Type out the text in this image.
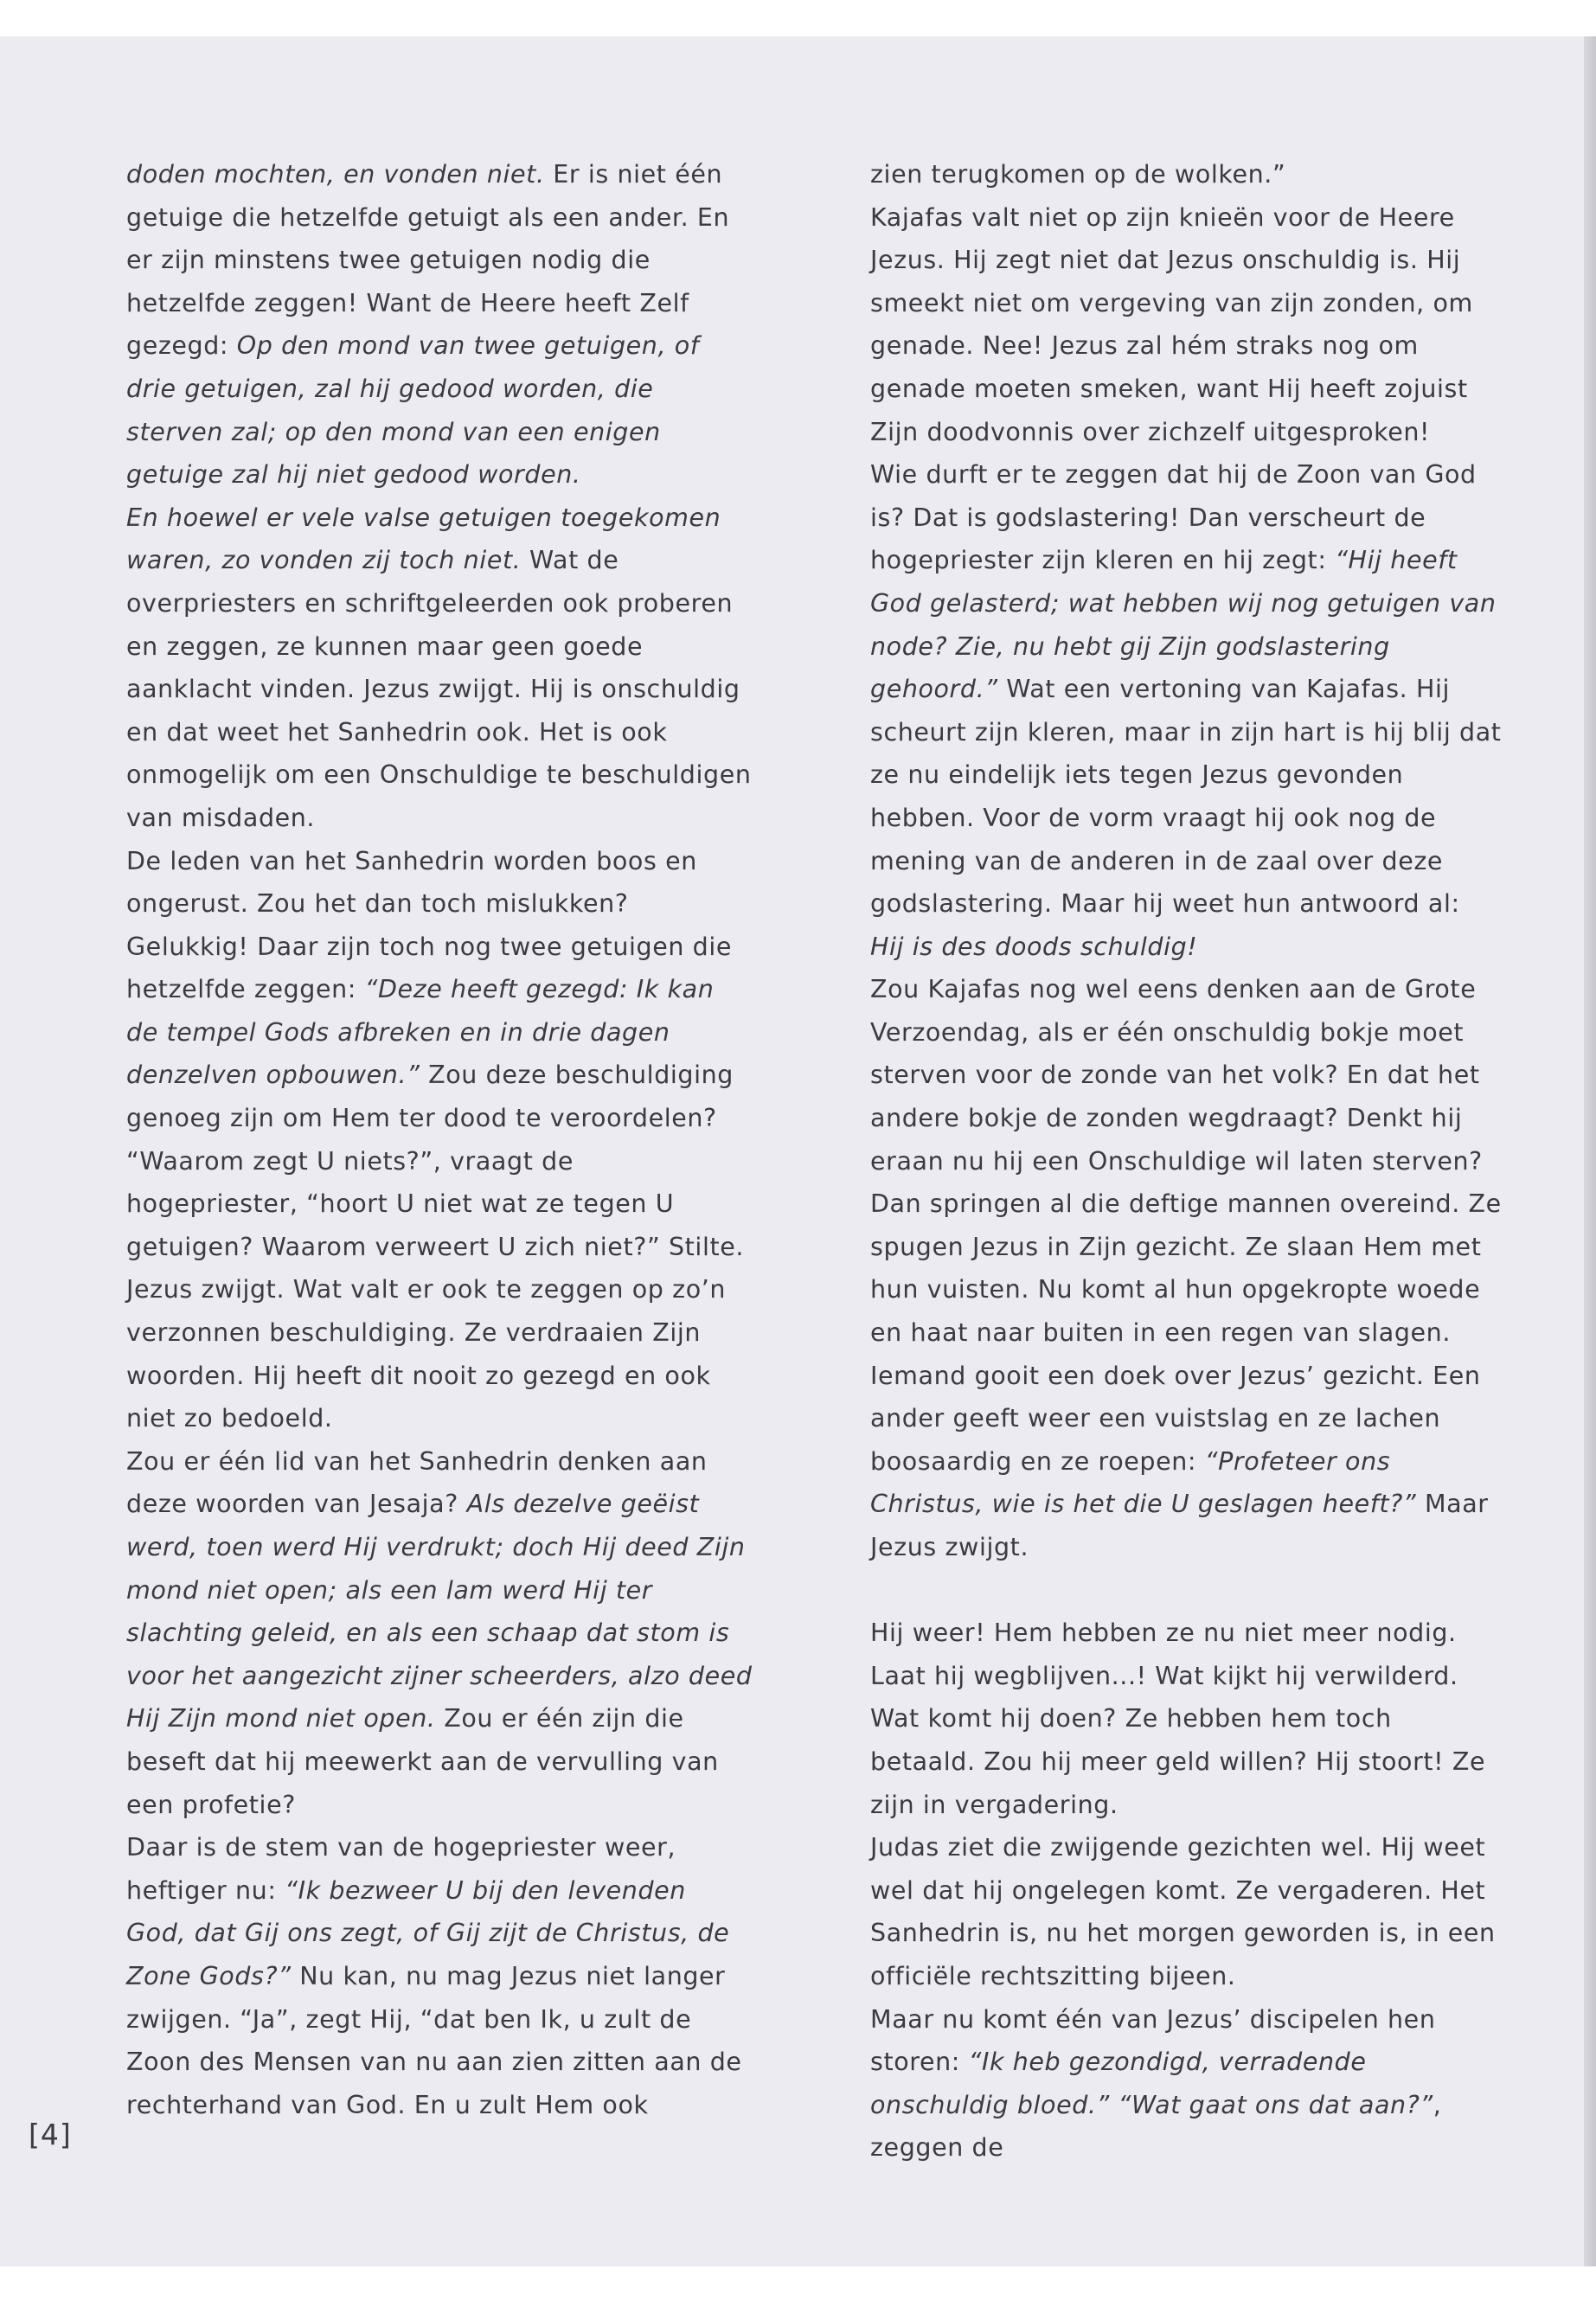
doden mochten, en vonden niet. Er is niet één getuige die hetzelfde getuigt als een ander. En er zijn minstens twee getuigen nodig die hetzelfde zeggen! Want de Heere heeft Zelf gezegd: Op den mond van twee getuigen, of drie getuigen, zal hij gedood worden, die sterven zal; op den mond van een enigen getuige zal hij niet gedood worden.

En hoewel er vele valse getuigen toegekomen waren, zo vonden zij toch niet. Wat de overpriesters en schriftgeleerden ook proberen en zeggen, ze kunnen maar geen goede aanklacht vinden. Jezus zwijgt. Hij is onschuldig en dat weet het Sanhedrin ook. Het is ook onmogelijk om een Onschuldige te beschuldigen van misdaden.

De leden van het Sanhedrin worden boos en ongerust. Zou het dan toch mislukken? Gelukkig! Daar zijn toch nog twee getuigen die hetzelfde zeggen: “Deze heeft gezegd: Ik kan de tempel Gods afbreken en in drie dagen denzelven opbouwen.” Zou deze beschuldiging genoeg zijn om Hem ter dood te veroordelen?

“Waarom zegt U niets?”, vraagt de hogepriester, “hoort U niet wat ze tegen U getuigen? Waarom verweert U zich niet?” Stilte. Jezus zwijgt. Wat valt er ook te zeggen op zo’n verzonnen beschuldiging. Ze verdraaien Zijn woorden. Hij heeft dit nooit zo gezegd en ook niet zo bedoeld.

Zou er één lid van het Sanhedrin denken aan deze woorden van Jesaja? Als dezelve geëist werd, toen werd Hij verdrukt; doch Hij deed Zijn mond niet open; als een lam werd Hij ter slachting geleid, en als een schaap dat stom is voor het aangezicht zijner scheerders, alzo deed Hij Zijn mond niet open. Zou er één zijn die beseft dat hij meewerkt aan de vervulling van een profetie?

Daar is de stem van de hogepriester weer, heftiger nu: “Ik bezweer U bij den levenden God, dat Gij ons zegt, of Gij zijt de Christus, de Zone Gods?” Nu kan, nu mag Jezus niet langer zwijgen. “Ja”, zegt Hij, “dat ben Ik, u zult de Zoon des Mensen van nu aan zien zitten aan de rechterhand van God. En u zult Hem ook

zien terugkomen op de wolken.”

Kajafas valt niet op zijn knieën voor de Heere Jezus. Hij zegt niet dat Jezus onschuldig is. Hij smeekt niet om vergeving van zijn zonden, om genade. Nee! Jezus zal hém straks nog om genade moeten smeken, want Hij heeft zojuist Zijn doodvonnis over zichzelf uitgesproken!

Wie durft er te zeggen dat hij de Zoon van God is? Dat is godslastering! Dan verscheurt de hogepriester zijn kleren en hij zegt: “Hij heeft God gelasterd; wat hebben wij nog getuigen van node? Zie, nu hebt gij Zijn godslastering gehoord.” Wat een vertoning van Kajafas. Hij scheurt zijn kleren, maar in zijn hart is hij blij dat ze nu eindelijk iets tegen Jezus gevonden hebben. Voor de vorm vraagt hij ook nog de mening van de anderen in de zaal over deze godslastering. Maar hij weet hun antwoord al: Hij is des doods schuldig!

Zou Kajafas nog wel eens denken aan de Grote Verzoendag, als er één onschuldig bokje moet sterven voor de zonde van het volk? En dat het andere bokje de zonden wegdraagt? Denkt hij eraan nu hij een Onschuldige wil laten sterven?

Dan springen al die deftige mannen overeind. Ze spugen Jezus in Zijn gezicht. Ze slaan Hem met hun vuisten. Nu komt al hun opgekropte woede en haat naar buiten in een regen van slagen. Iemand gooit een doek over Jezus’ gezicht. Een ander geeft weer een vuistslag en ze lachen boosaardig en ze roepen: “Profeteer ons Christus, wie is het die U geslagen heeft?” Maar Jezus zwijgt.

Hij weer! Hem hebben ze nu niet meer nodig. Laat hij wegblijven...! Wat kijkt hij verwilderd. Wat komt hij doen? Ze hebben hem toch betaald. Zou hij meer geld willen? Hij stoort! Ze zijn in vergadering.

Judas ziet die zwijgende gezichten wel. Hij weet wel dat hij ongelegen komt. Ze vergaderen. Het Sanhedrin is, nu het morgen geworden is, in een officiële rechtszitting bijeen.

Maar nu komt één van Jezus’ discipelen hen storen: “Ik heb gezondigd, verradende onschuldig bloed.” “Wat gaat ons dat aan?”, zeggen de

[4]
